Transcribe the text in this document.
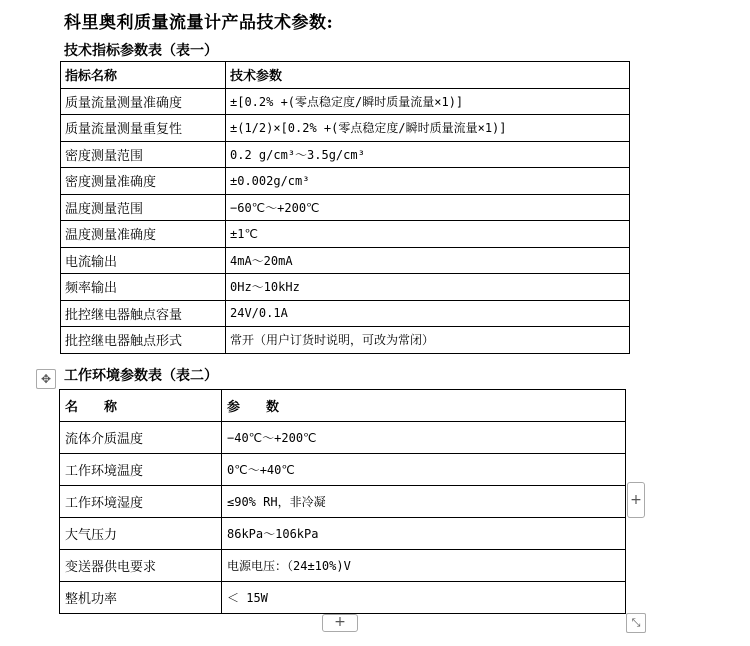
科里奥利质量流量计产品技术参数:
技术指标参数表（表一）
指标名称	技术参数
质量流量测量准确度	±[0.2% +(零点稳定度/瞬时质量流量×1)]
质量流量测量重复性	±(1/2)×[0.2% +(零点稳定度/瞬时质量流量×1)]
密度测量范围	0.2 g/cm³～3.5g/cm³
密度测量准确度	±0.002g/cm³
温度测量范围	−60℃～+200℃
温度测量准确度	±1℃
电流输出	4mA～20mA
频率输出	0Hz～10kHz
批控继电器触点容量	24V/0.1A
批控继电器触点形式	常开（用户订货时说明，可改为常闭）
✥ 工作环境参数表（表二）
名　　称	参　　数
流体介质温度	−40℃～+200℃
工作环境温度	0℃～+40℃
工作环境湿度	≤90% RH，非冷凝
大气压力	86kPa～106kPa
变送器供电要求	电源电压：（24±10%)V
整机功率	＜ 15W
+
+	⤡
